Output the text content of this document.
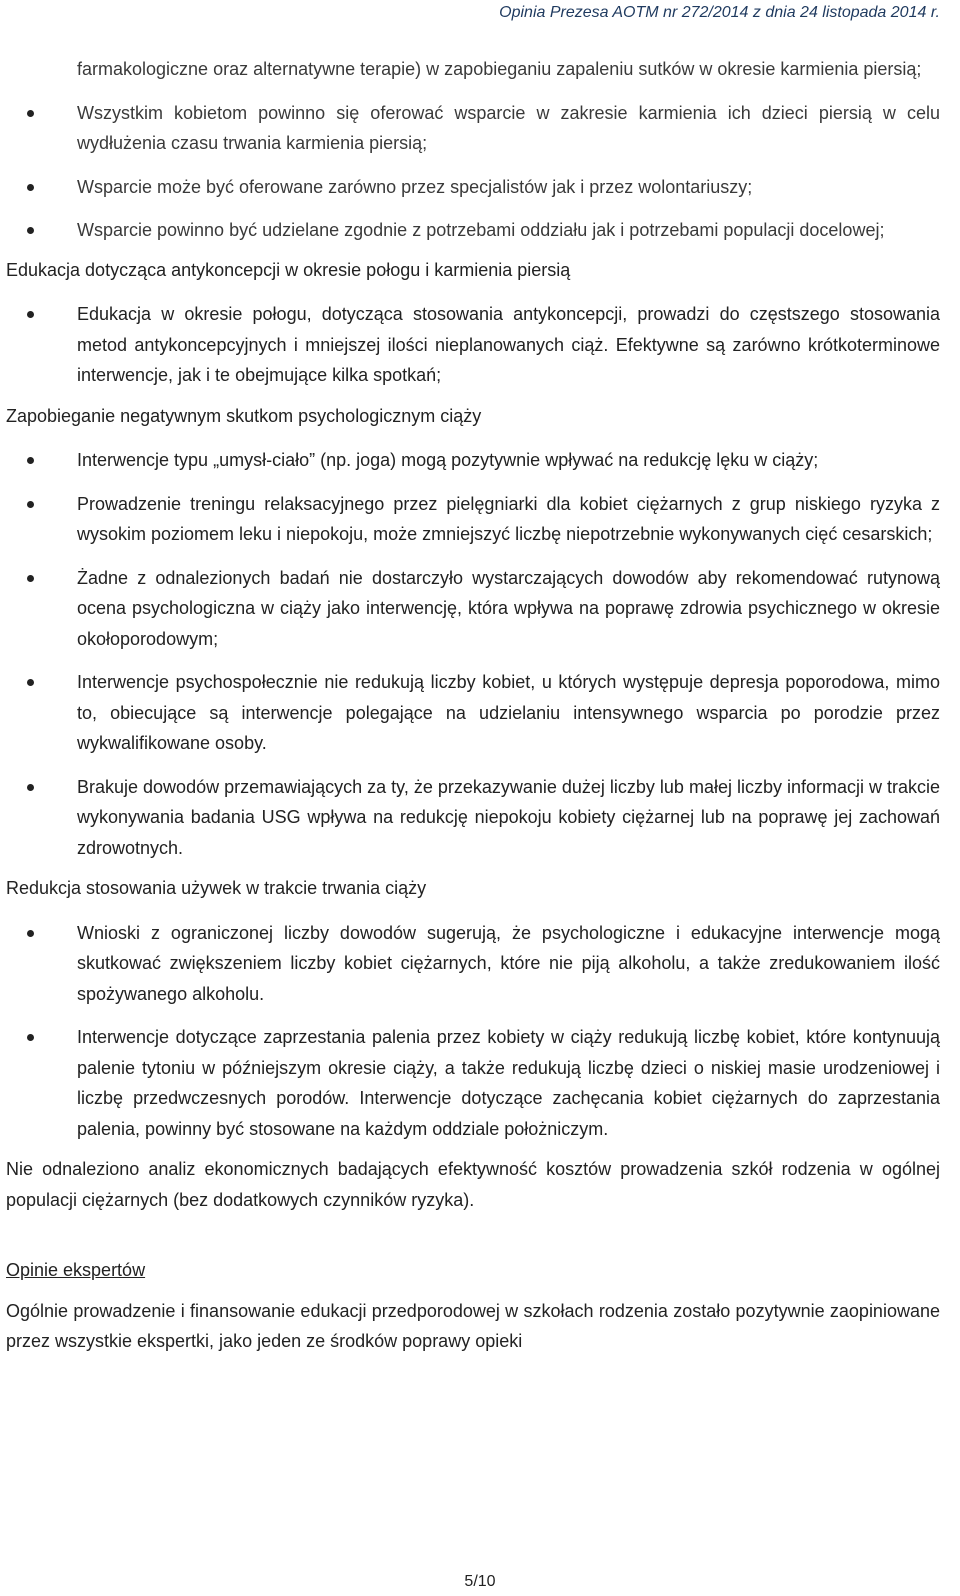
Opinia Prezesa AOTM nr 272/2014 z dnia 24 listopada 2014 r.
farmakologiczne oraz alternatywne terapie) w zapobieganiu zapaleniu sutków w okresie karmienia piersią;
Wszystkim kobietom powinno się oferować wsparcie w zakresie karmienia ich dzieci piersią w celu wydłużenia czasu trwania karmienia piersią;
Wsparcie może być oferowane zarówno przez specjalistów jak i przez wolontariuszy;
Wsparcie powinno być udzielane zgodnie z potrzebami oddziału jak i potrzebami populacji docelowej;

Edukacja dotycząca antykoncepcji w okresie połogu i karmienia piersią

Edukacja w okresie połogu, dotycząca stosowania antykoncepcji, prowadzi do częstszego stosowania metod antykoncepcyjnych i mniejszej ilości nieplanowanych ciąż. Efektywne są zarówno krótkoterminowe interwencje, jak i te obejmujące kilka spotkań;

Zapobieganie negatywnym skutkom psychologicznym ciąży

Interwencje typu „umysł-ciało” (np. joga) mogą pozytywnie wpływać na redukcję lęku w ciąży;
Prowadzenie treningu relaksacyjnego przez pielęgniarki dla kobiet ciężarnych z grup niskiego ryzyka z wysokim poziomem leku i niepokoju, może zmniejszyć liczbę niepotrzebnie wykonywanych cięć cesarskich;
Żadne z odnalezionych badań nie dostarczyło wystarczających dowodów aby rekomendować rutynową ocena psychologiczna w ciąży jako interwencję, która wpływa na poprawę zdrowia psychicznego w okresie okołoporodowym;
Interwencje psychospołecznie nie redukują liczby kobiet, u których występuje depresja poporodowa, mimo to, obiecujące są interwencje polegające na udzielaniu intensywnego wsparcia po porodzie przez wykwalifikowane osoby.
Brakuje dowodów przemawiających za ty, że przekazywanie dużej liczby lub małej liczby informacji w trakcie wykonywania badania USG wpływa na redukcję niepokoju kobiety ciężarnej lub na poprawę jej zachowań zdrowotnych.

Redukcja stosowania używek w trakcie trwania ciąży

Wnioski z ograniczonej liczby dowodów sugerują, że psychologiczne i edukacyjne interwencje mogą skutkować zwiększeniem liczby kobiet ciężarnych, które nie piją alkoholu, a także zredukowaniem ilość spożywanego alkoholu.
Interwencje dotyczące zaprzestania palenia przez kobiety w ciąży redukują liczbę kobiet, które kontynuują palenie tytoniu w późniejszym okresie ciąży, a także redukują liczbę dzieci o niskiej masie urodzeniowej i liczbę przedwczesnych porodów. Interwencje dotyczące zachęcania kobiet ciężarnych do zaprzestania palenia, powinny być stosowane na każdym oddziale położniczym.

Nie odnaleziono analiz ekonomicznych badających efektywność kosztów prowadzenia szkół rodzenia w ogólnej populacji ciężarnych (bez dodatkowych czynników ryzyka).

Opinie ekspertów

Ogólnie prowadzenie i finansowanie edukacji przedporodowej w szkołach rodzenia zostało pozytywnie zaopiniowane przez wszystkie ekspertki, jako jeden ze środków poprawy opieki

5/10
